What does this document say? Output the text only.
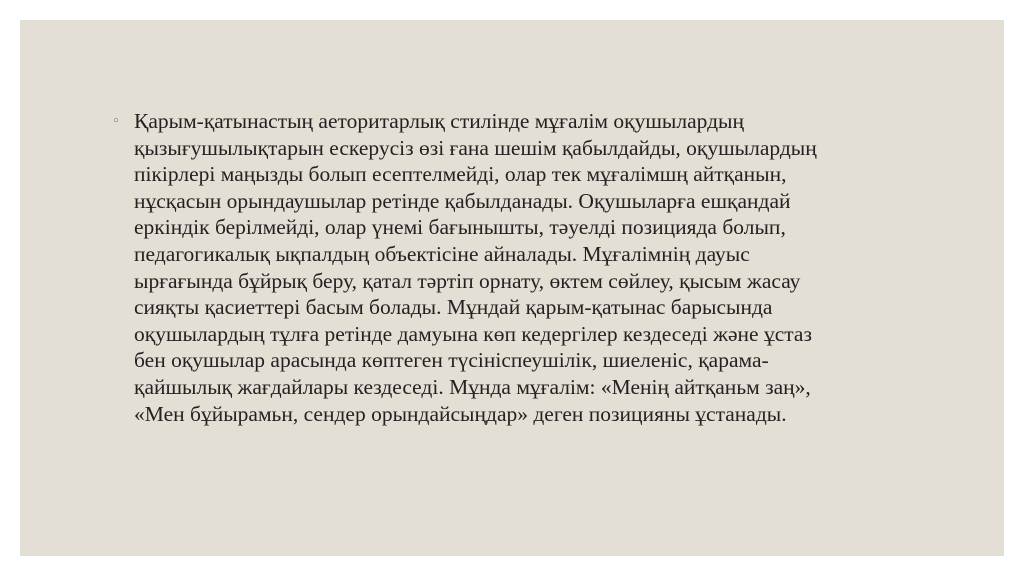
◦ Қарым-қатынастың аеторитарлық стилінде мұғалім оқушылардың
қызығушылықтарын ескерусіз өзі ғана шешім қабылдайды, оқушылардың
пікірлері маңызды болып есептелмейді, олар тек мұғалімшң айтқанын,
нұсқасын орындаушылар ретінде қабылданады. Оқушыларға ешқандай
еркіндік берілмейді, олар үнемі бағынышты, тәуелді позицияда болып,
педагогикалық ықпалдың объектісіне айналады. Мұғалімнің дауыс
ырғағында бұйрық беру, қатал тәртіп орнату, өктем сөйлеу, қысым жасау
сияқты қасиеттері басым болады. Мұндай қарым-қатынас барысында
оқушылардың тұлға ретінде дамуына көп кедергілер кездеседі және ұстаз
бен оқушылар арасында көптеген түсініспеушілік, шиеленіс, қарама-
қайшылық жағдайлары кездеседі. Мұнда мұғалім: «Менің айтқаньм заң»,
«Мен бұйырамьн, сендер орындайсыңдар» деген позицияны ұстанады.
